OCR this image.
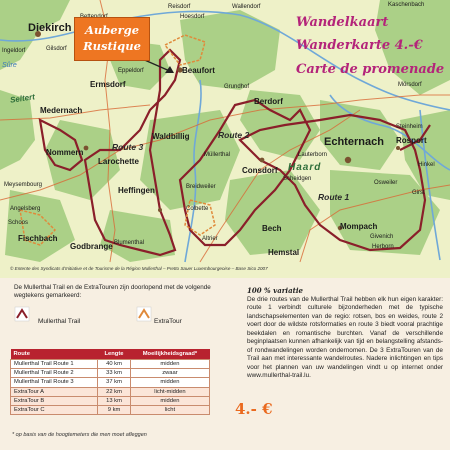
Diekirch
Reisdorf	Wallendorf
Hoesdorf
Kaschenbach
Mörsdorf
Eppeldorf	Beaufort
Ermsdorf	Grundhof
Berdorf
Medernach
Nommern
Larochette
Waldbillig	Echternach Rosport
Consdorf
Heffingen
Müllerthal
Scheidgen
Lauterborn
Mompach
Fischbach
Godbrange Blumenthal
Bech
Hemstal
Herborn
Givenich
Osweiler
Girst
Hinkel
Steinheim
Ingeldorf	Gilsdorf
Colbette
Breidweiler
Altrier
Meysembourg
Angelsberg
Schoos
Haard
Seltert
Sûre
Route 1
Route 2
Route 3
Wandelkaart
Wanderkarte 4.-€
Carte de promenade
Auberge Rustique
© Entente des Syndicats d'Initiative et de Tourisme de la Région Mullerthal – Pretto Sauer Luxembourgeoise – Base Sico 2007
De Mullerthal Trail en de ExtraTouren zijn doorlopend met de volgende wegtekens gemarkeerd:
Mullerthal Trail	ExtraTour
Route	Lengte	Moeilijkheidsgraad*
Mullerthal Trail Route 1	40 km	midden
Mullerthal Trail Route 2	33 km	zwaar
Mullerthal Trail Route 3	37 km	midden
ExtraTour A	22 km	licht-midden
ExtraTour B	13 km	midden
ExtraTour C	9 km	licht
* op basis van de hoogtemeters die men moet afleggen
4.- €
100 % variatie
De drie routes van de Mullerthal Trail hebben elk hun eigen karakter: route 1 verbindt culturele bijzonderheden met de typische landschapselementen van de regio: rotsen, bos en weides, route 2 voert door de wildste rotsformaties en route 3 biedt vooral prachtige beekdalen en romantische burchten. Vanaf de verschillende beginplaatsen kunnen afhankelijk van tijd en belangstelling afstands- of rondwandelingen worden ondernomen. De 3 ExtraTouren van de Trail aan met interessante wandelroutes. Nadere inlichtingen en tips voor het plannen van uw wandelingen vindt u op internet onder www.mullerthal-trail.lu.
